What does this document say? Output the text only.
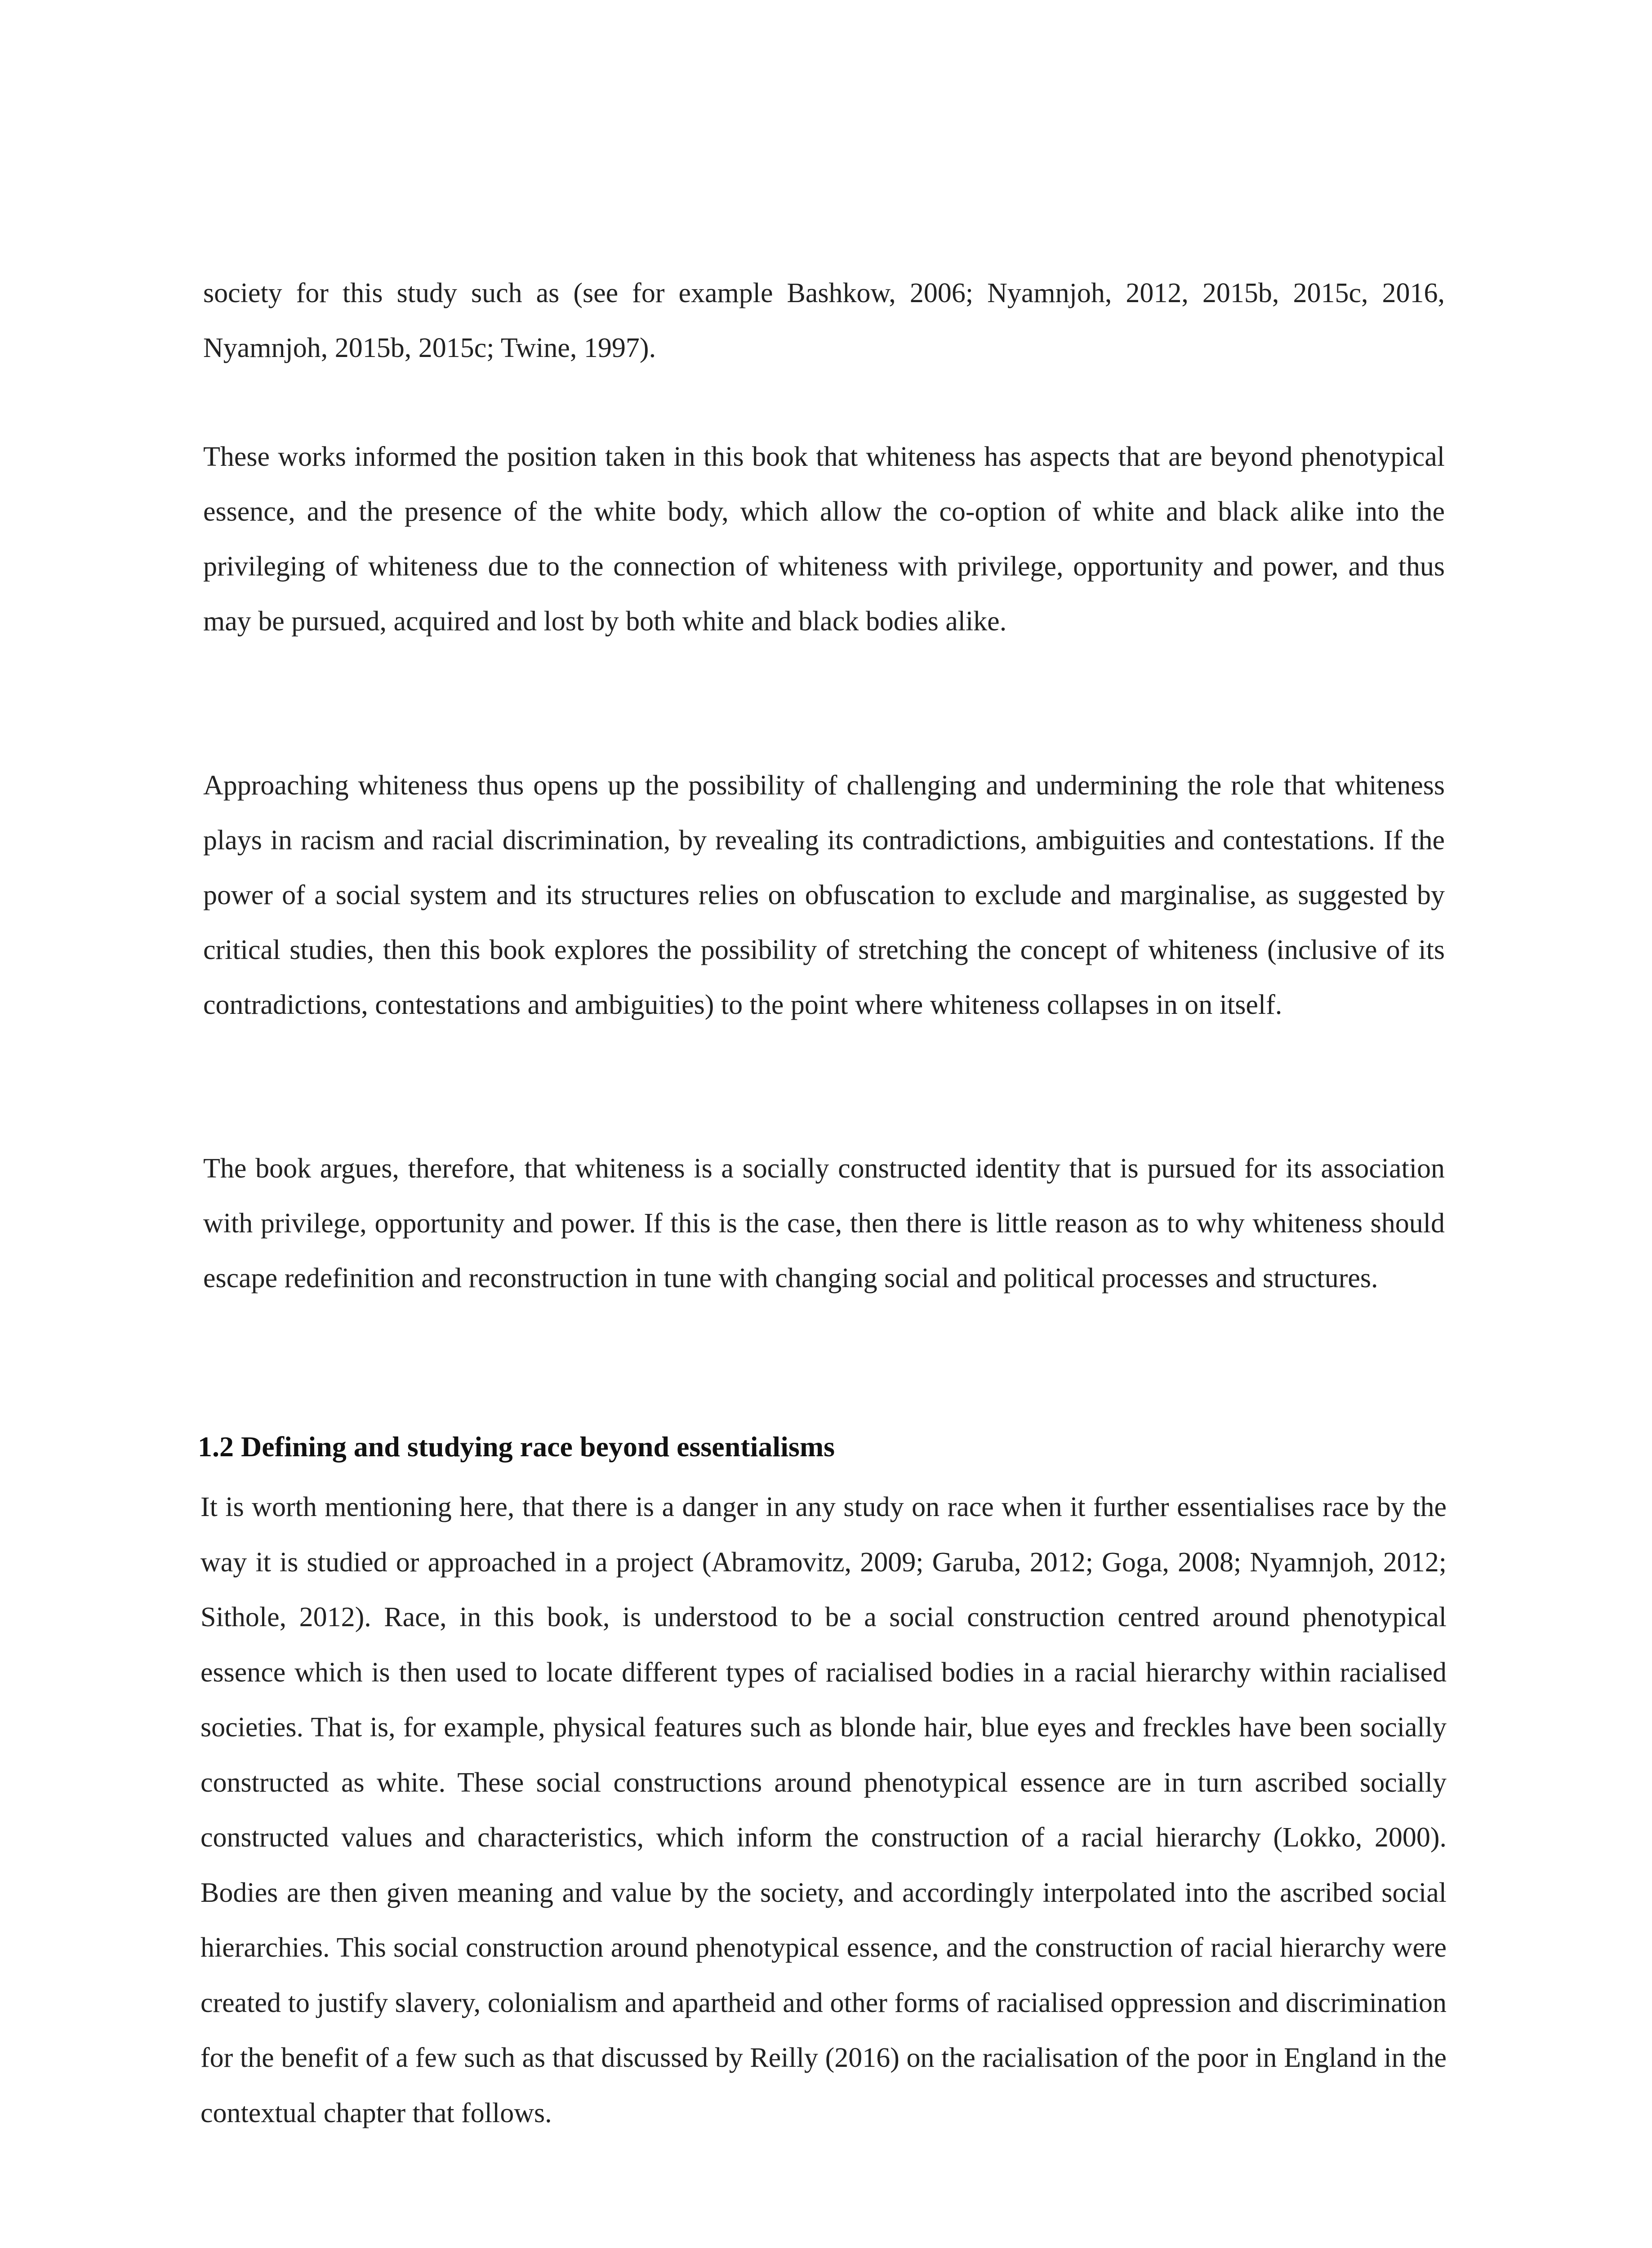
society for this study such as (see for example Bashkow, 2006; Nyamnjoh, 2012, 2015b, 2015c, 2016, Nyamnjoh, 2015b, 2015c; Twine, 1997).

These works informed the position taken in this book that whiteness has aspects that are beyond phenotypical essence, and the presence of the white body, which allow the co-option of white and black alike into the privileging of whiteness due to the connection of whiteness with privilege, opportunity and power, and thus may be pursued, acquired and lost by both white and black bodies alike.

Approaching whiteness thus opens up the possibility of challenging and undermining the role that whiteness plays in racism and racial discrimination, by revealing its contradictions, ambiguities and contestations. If the power of a social system and its structures relies on obfuscation to exclude and marginalise, as suggested by critical studies, then this book explores the possibility of stretching the concept of whiteness (inclusive of its contradictions, contestations and ambiguities) to the point where whiteness collapses in on itself.

The book argues, therefore, that whiteness is a socially constructed identity that is pursued for its association with privilege, opportunity and power. If this is the case, then there is little reason as to why whiteness should escape redefinition and reconstruction in tune with changing social and political processes and structures.

1.2 Defining and studying race beyond essentialisms

It is worth mentioning here, that there is a danger in any study on race when it further essentialises race by the way it is studied or approached in a project (Abramovitz, 2009; Garuba, 2012; Goga, 2008; Nyamnjoh, 2012; Sithole, 2012). Race, in this book, is understood to be a social construction centred around phenotypical essence which is then used to locate different types of racialised bodies in a racial hierarchy within racialised societies. That is, for example, physical features such as blonde hair, blue eyes and freckles have been socially constructed as white. These social constructions around phenotypical essence are in turn ascribed socially constructed values and characteristics, which inform the construction of a racial hierarchy (Lokko, 2000). Bodies are then given meaning and value by the society, and accordingly interpolated into the ascribed social hierarchies. This social construction around phenotypical essence, and the construction of racial hierarchy were created to justify slavery, colonialism and apartheid and other forms of racialised oppression and discrimination for the benefit of a few such as that discussed by Reilly (2016) on the racialisation of the poor in England in the contextual chapter that follows.
